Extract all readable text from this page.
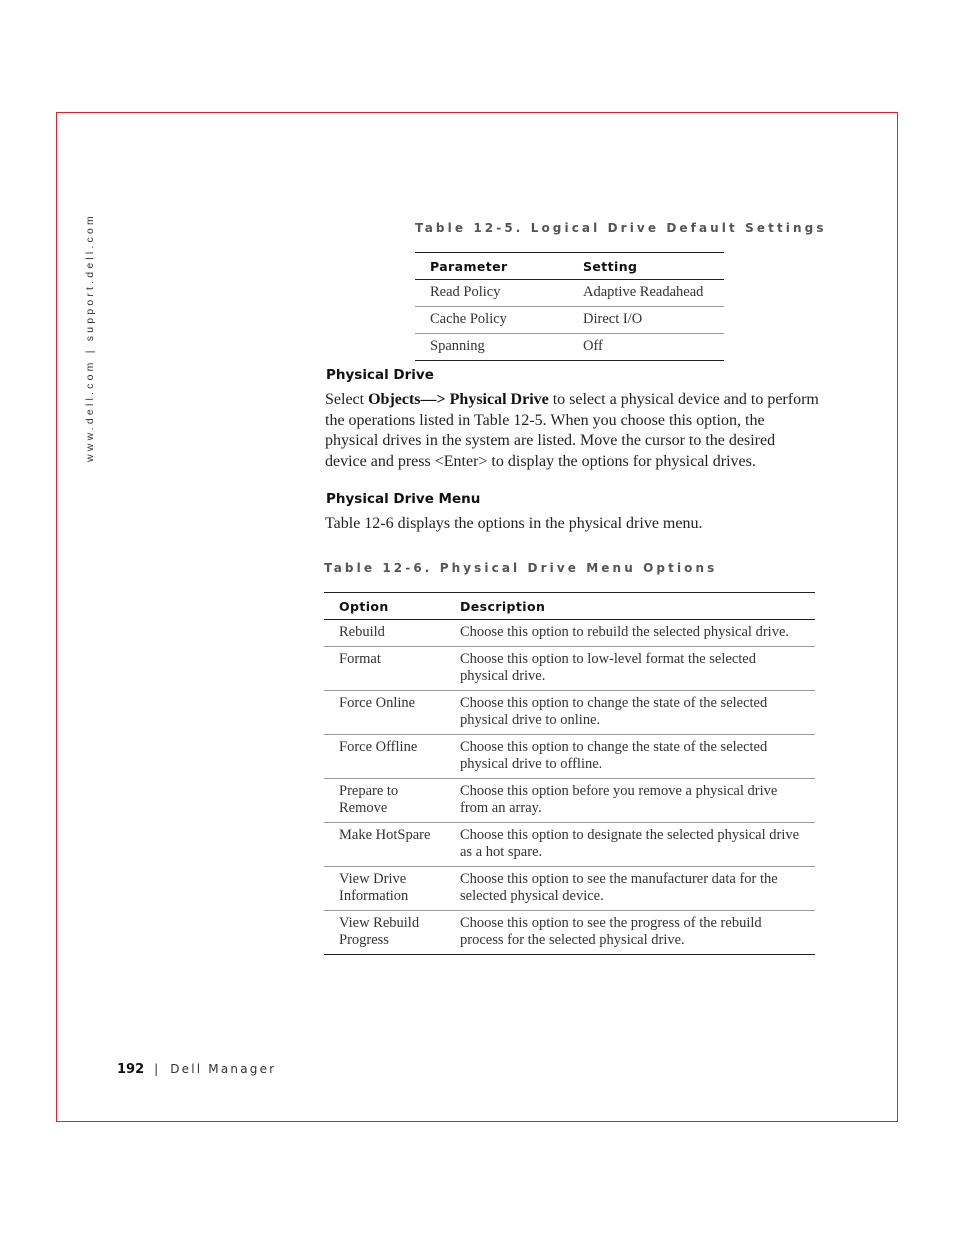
www.dell.com | support.dell.com	Table 12-5. Logical Drive Default Settings
Parameter	Setting
Read Policy	Adaptive Readahead
Cache Policy	Direct I/O
Spanning	Off
Physical Drive
Select Objects—> Physical Drive to select a physical device and to perform the operations listed in Table 12-5. When you choose this option, the physical drives in the system are listed. Move the cursor to the desired device and press <Enter> to display the options for physical drives.
Physical Drive Menu
Table 12-6 displays the options in the physical drive menu.
Table 12-6. Physical Drive Menu Options
Option	Description
Rebuild	Choose this option to rebuild the selected physical drive.
Format	Choose this option to low-level format the selected physical drive.
Force Online	Choose this option to change the state of the selected physical drive to online.
Force Offline	Choose this option to change the state of the selected physical drive to offline.
Prepare to Remove	Choose this option before you remove a physical drive from an array.
Make HotSpare	Choose this option to designate the selected physical drive as a hot spare.
View Drive Information	Choose this option to see the manufacturer data for the selected physical device.
View Rebuild Progress	Choose this option to see the progress of the rebuild process for the selected physical drive.
192 | Dell Manager
